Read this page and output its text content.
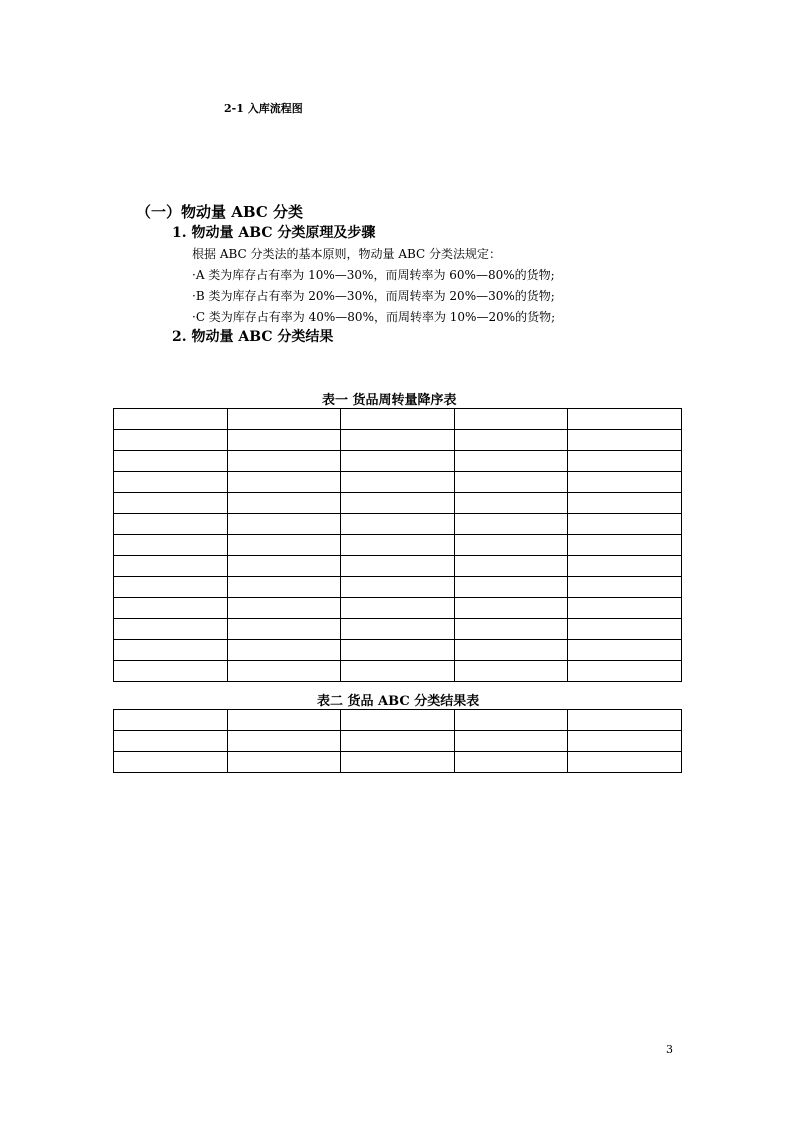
2-1 入库流程图
（一）物动量 ABC 分类
1. 物动量 ABC 分类原理及步骤
根据 ABC 分类法的基本原则，物动量 ABC 分类法规定：
·A 类为库存占有率为 10%—30%，而周转率为 60%—80%的货物;
·B 类为库存占有率为 20%—30%，而周转率为 20%—30%的货物;
·C 类为库存占有率为 40%—80%，而周转率为 10%—20%的货物;
2. 物动量 ABC 分类结果
表一 货品周转量降序表

表二 货品 ABC 分类结果表

3
